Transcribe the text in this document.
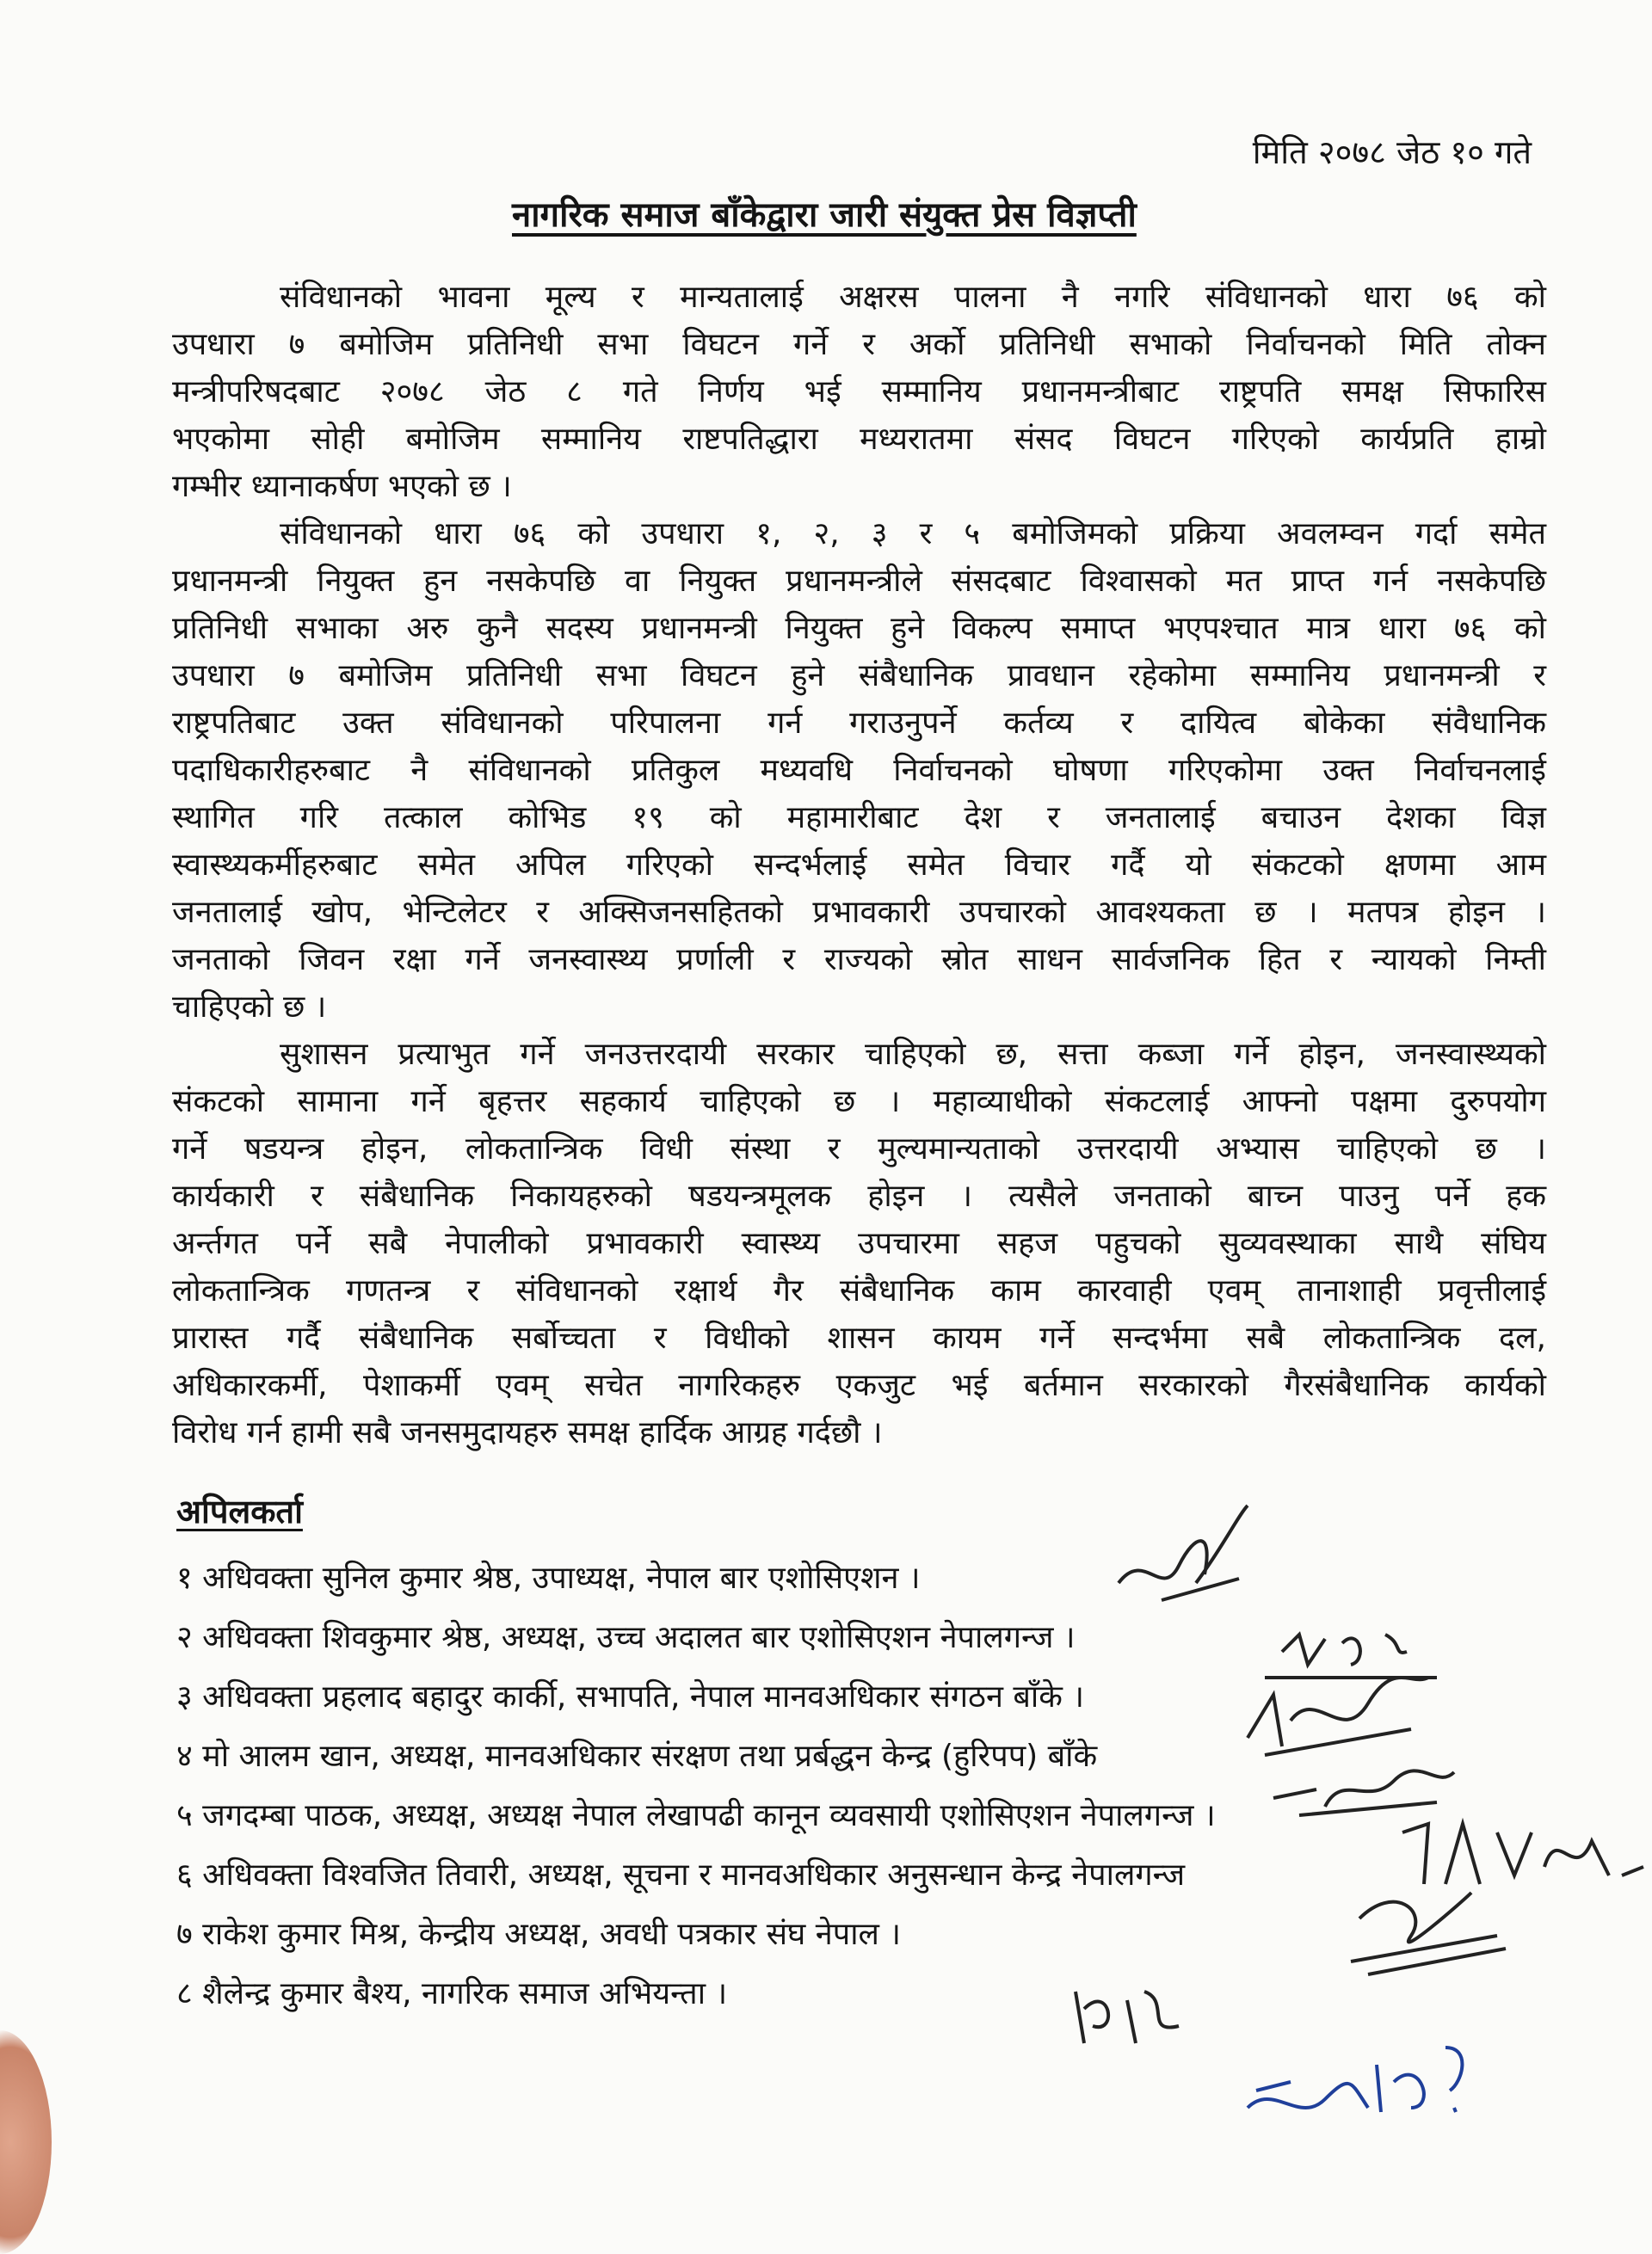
मिति २०७८ जेठ १० गते
नागरिक समाज बाँकेद्वारा जारी संयुक्त प्रेस विज्ञप्ती
संविधानको भावना मूल्य र मान्यतालाई अक्षरस पालना नै नगरि संविधानको धारा ७६ को
उपधारा ७ बमोजिम प्रतिनिधी सभा विघटन गर्ने र अर्को प्रतिनिधी सभाको निर्वाचनको मिति तोक्न
मन्त्रीपरिषदबाट २०७८ जेठ ८ गते निर्णय भई सम्मानिय प्रधानमन्त्रीबाट राष्ट्रपति समक्ष सिफारिस
भएकोमा सोही बमोजिम सम्मानिय राष्टपतिद्धारा मध्यरातमा संसद विघटन गरिएको कार्यप्रति हाम्रो
गम्भीर ध्यानाकर्षण भएको छ ।
संविधानको धारा ७६ को उपधारा १, २, ३ र ५ बमोजिमको प्रक्रिया अवलम्वन गर्दा समेत
प्रधानमन्त्री नियुक्त हुन नसकेपछि वा नियुक्त प्रधानमन्त्रीले संसदबाट विश्वासको मत प्राप्त गर्न नसकेपछि
प्रतिनिधी सभाका अरु कुनै सदस्य प्रधानमन्त्री नियुक्त हुने विकल्प समाप्त भएपश्चात मात्र धारा ७६ को
उपधारा ७ बमोजिम प्रतिनिधी सभा विघटन हुने संबैधानिक प्रावधान रहेकोमा सम्मानिय प्रधानमन्त्री र
राष्ट्रपतिबाट उक्त संविधानको परिपालना गर्न गराउनुपर्ने कर्तव्य र दायित्व बोकेका संवैधानिक
पदाधिकारीहरुबाट नै संविधानको प्रतिकुल मध्यवधि निर्वाचनको घोषणा गरिएकोमा उक्त निर्वाचनलाई
स्थागित गरि तत्काल कोभिड १९ को महामारीबाट देश र जनतालाई बचाउन देशका विज्ञ
स्वास्थ्यकर्मीहरुबाट समेत अपिल गरिएको सन्दर्भलाई समेत विचार गर्दै यो संकटको क्षणमा आम
जनतालाई खोप, भेन्टिलेटर र अक्सिजनसहितको प्रभावकारी उपचारको आवश्यकता छ । मतपत्र होइन ।
जनताको जिवन रक्षा गर्ने जनस्वास्थ्य प्रर्णाली र राज्यको स्रोत साधन सार्वजनिक हित र न्यायको निम्ती
चाहिएको छ ।
सुशासन प्रत्याभुत गर्ने जनउत्तरदायी सरकार चाहिएको छ, सत्ता कब्जा गर्ने होइन, जनस्वास्थ्यको
संकटको सामाना गर्ने बृहत्तर सहकार्य चाहिएको छ । महाव्याधीको संकटलाई आफ्नो पक्षमा दुरुपयोग
गर्ने षडयन्त्र होइन, लोकतान्त्रिक विधी संस्था र मुल्यमान्यताको उत्तरदायी अभ्यास चाहिएको छ ।
कार्यकारी र संबैधानिक निकायहरुको षडयन्त्रमूलक होइन । त्यसैले जनताको बाच्न पाउनु पर्ने हक
अर्न्तगत पर्ने सबै नेपालीको प्रभावकारी स्वास्थ्य उपचारमा सहज पहुचको सुव्यवस्थाका साथै संघिय
लोकतान्त्रिक गणतन्त्र र संविधानको रक्षार्थ गैर संबैधानिक काम कारवाही एवम् तानाशाही प्रवृत्तीलाई
प्रारास्त गर्दै संबैधानिक सर्बोच्चता र विधीको शासन कायम गर्ने सन्दर्भमा सबै लोकतान्त्रिक दल,
अधिकारकर्मी, पेशाकर्मी एवम् सचेत नागरिकहरु एकजुट भई बर्तमान सरकारको गैरसंबैधानिक कार्यको
विरोध गर्न हामी सबै जनसमुदायहरु समक्ष हार्दिक आग्रह गर्दछौ ।
अपिलकर्ता
१ अधिवक्ता सुनिल कुमार श्रेष्ठ, उपाध्यक्ष, नेपाल बार एशोसिएशन ।
२ अधिवक्ता शिवकुमार श्रेष्ठ, अध्यक्ष, उच्च अदालत बार एशोसिएशन नेपालगन्ज ।
३ अधिवक्ता प्रहलाद बहादुर कार्की, सभापति, नेपाल मानवअधिकार संगठन बाँके ।
४ मो आलम खान, अध्यक्ष, मानवअधिकार संरक्षण तथा प्रर्बद्धन केन्द्र (हुरिपप) बाँके
५ जगदम्बा पाठक, अध्यक्ष, अध्यक्ष नेपाल लेखापढी कानून व्यवसायी एशोसिएशन नेपालगन्ज ।
६ अधिवक्ता विश्वजित तिवारी, अध्यक्ष, सूचना र मानवअधिकार अनुसन्धान केन्द्र नेपालगन्ज
७ राकेश कुमार मिश्र, केन्द्रीय अध्यक्ष, अवधी पत्रकार संघ नेपाल ।
८ शैलेन्द्र कुमार बैश्य, नागरिक समाज अभियन्ता ।
